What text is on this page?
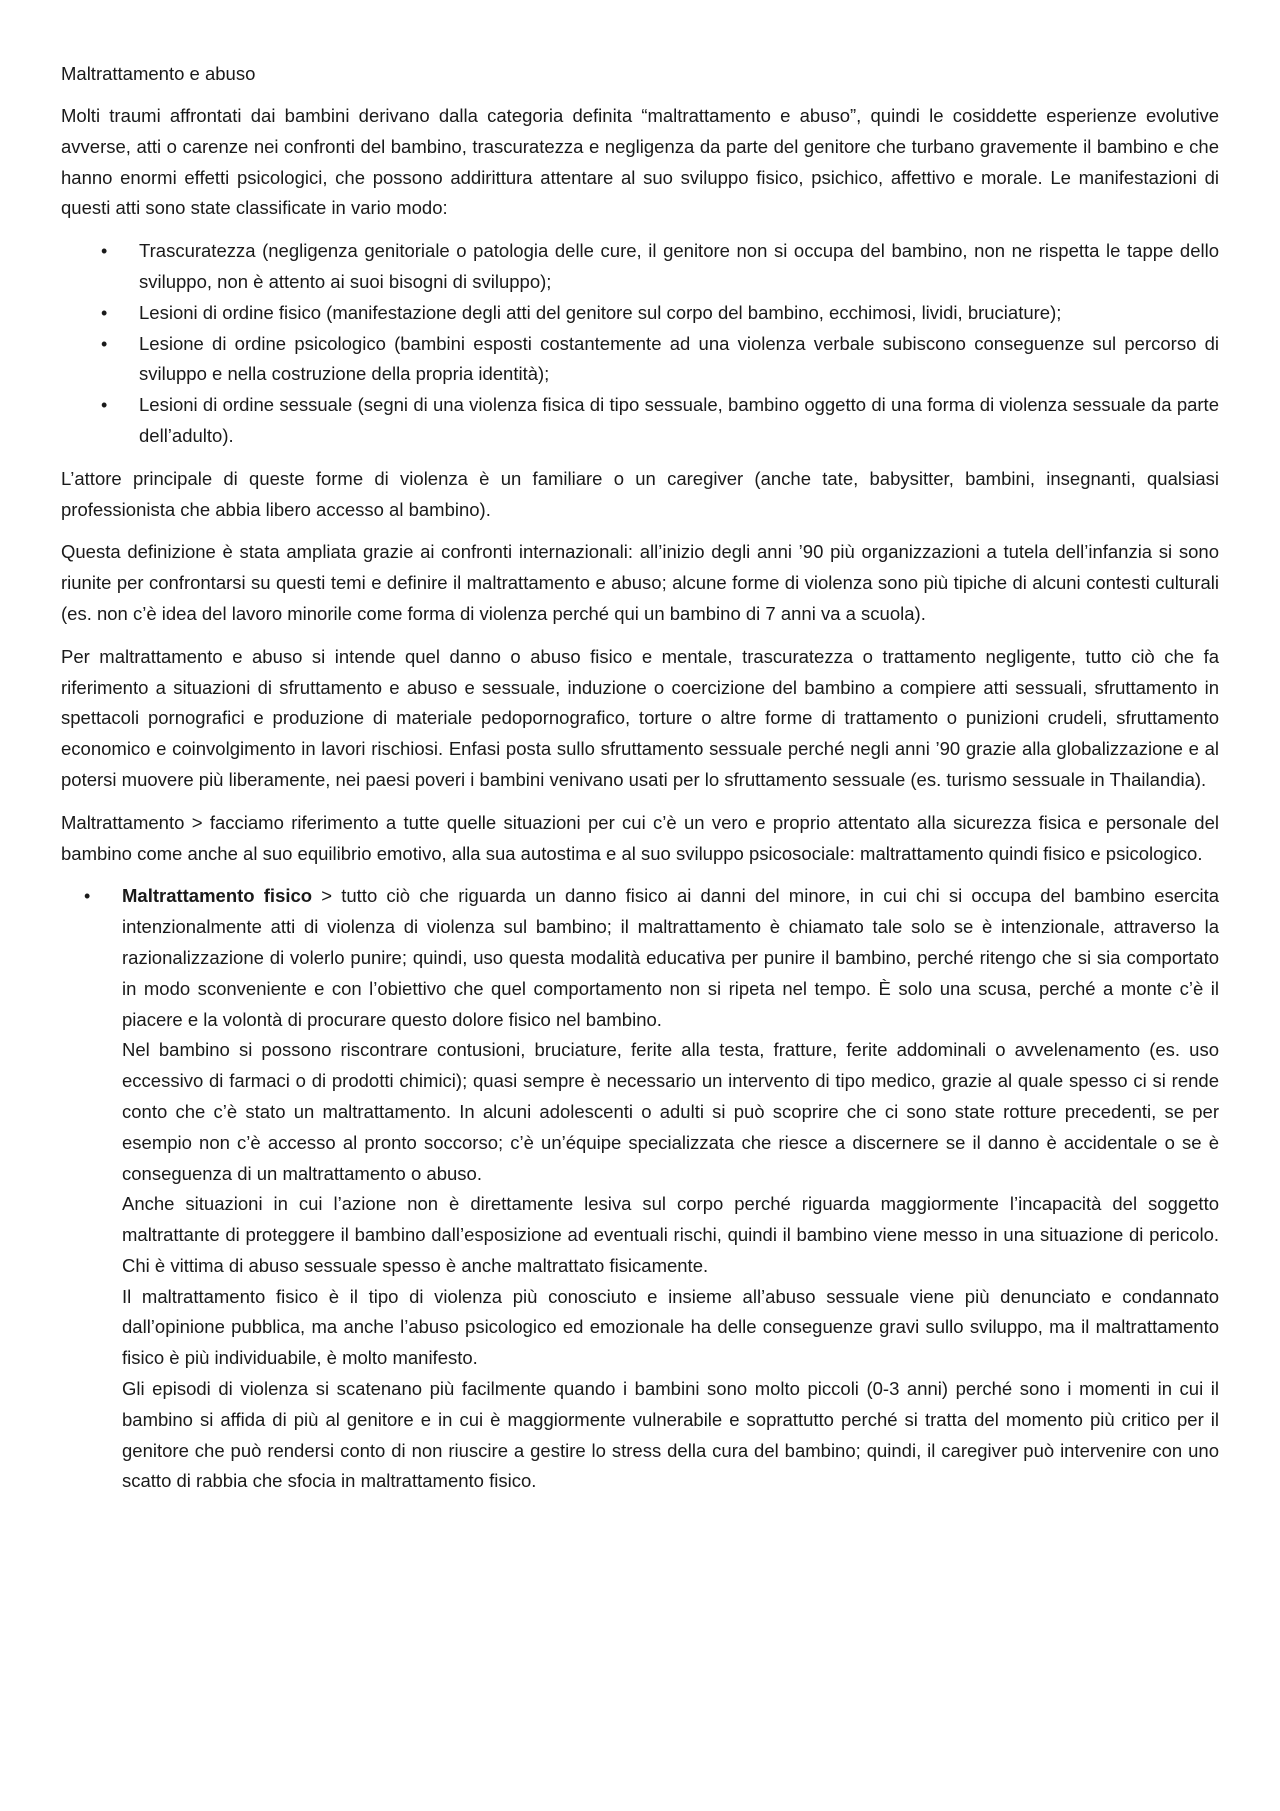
Maltrattamento e abuso

Molti traumi affrontati dai bambini derivano dalla categoria definita “maltrattamento e abuso”, quindi le cosiddette esperienze evolutive avverse, atti o carenze nei confronti del bambino, trascuratezza e negligenza da parte del genitore che turbano gravemente il bambino e che hanno enormi effetti psicologici, che possono addirittura attentare al suo sviluppo fisico, psichico, affettivo e morale. Le manifestazioni di questi atti sono state classificate in vario modo:

• Trascuratezza (negligenza genitoriale o patologia delle cure, il genitore non si occupa del bambino, non ne rispetta le tappe dello sviluppo, non è attento ai suoi bisogni di sviluppo);
• Lesioni di ordine fisico (manifestazione degli atti del genitore sul corpo del bambino, ecchimosi, lividi, bruciature);
• Lesione di ordine psicologico (bambini esposti costantemente ad una violenza verbale subiscono conseguenze sul percorso di sviluppo e nella costruzione della propria identità);
• Lesioni di ordine sessuale (segni di una violenza fisica di tipo sessuale, bambino oggetto di una forma di violenza sessuale da parte dell’adulto).

L’attore principale di queste forme di violenza è un familiare o un caregiver (anche tate, babysitter, bambini, insegnanti, qualsiasi professionista che abbia libero accesso al bambino).

Questa definizione è stata ampliata grazie ai confronti internazionali: all’inizio degli anni ’90 più organizzazioni a tutela dell’infanzia si sono riunite per confrontarsi su questi temi e definire il maltrattamento e abuso; alcune forme di violenza sono più tipiche di alcuni contesti culturali (es. non c’è idea del lavoro minorile come forma di violenza perché qui un bambino di 7 anni va a scuola).

Per maltrattamento e abuso si intende quel danno o abuso fisico e mentale, trascuratezza o trattamento negligente, tutto ciò che fa riferimento a situazioni di sfruttamento e abuso e sessuale, induzione o coercizione del bambino a compiere atti sessuali, sfruttamento in spettacoli pornografici e produzione di materiale pedopornografico, torture o altre forme di trattamento o punizioni crudeli, sfruttamento economico e coinvolgimento in lavori rischiosi. Enfasi posta sullo sfruttamento sessuale perché negli anni ’90 grazie alla globalizzazione e al potersi muovere più liberamente, nei paesi poveri i bambini venivano usati per lo sfruttamento sessuale (es. turismo sessuale in Thailandia).

Maltrattamento > facciamo riferimento a tutte quelle situazioni per cui c’è un vero e proprio attentato alla sicurezza fisica e personale del bambino come anche al suo equilibrio emotivo, alla sua autostima e al suo sviluppo psicosociale: maltrattamento quindi fisico e psicologico.

• Maltrattamento fisico > tutto ciò che riguarda un danno fisico ai danni del minore, in cui chi si occupa del bambino esercita intenzionalmente atti di violenza di violenza sul bambino; il maltrattamento è chiamato tale solo se è intenzionale, attraverso la razionalizzazione di volerlo punire; quindi, uso questa modalità educativa per punire il bambino, perché ritengo che si sia comportato in modo sconveniente e con l’obiettivo che quel comportamento non si ripeta nel tempo. È solo una scusa, perché a monte c’è il piacere e la volontà di procurare questo dolore fisico nel bambino.
Nel bambino si possono riscontrare contusioni, bruciature, ferite alla testa, fratture, ferite addominali o avvelenamento (es. uso eccessivo di farmaci o di prodotti chimici); quasi sempre è necessario un intervento di tipo medico, grazie al quale spesso ci si rende conto che c’è stato un maltrattamento. In alcuni adolescenti o adulti si può scoprire che ci sono state rotture precedenti, se per esempio non c’è accesso al pronto soccorso; c’è un’équipe specializzata che riesce a discernere se il danno è accidentale o se è conseguenza di un maltrattamento o abuso.
Anche situazioni in cui l’azione non è direttamente lesiva sul corpo perché riguarda maggiormente l’incapacità del soggetto maltrattante di proteggere il bambino dall’esposizione ad eventuali rischi, quindi il bambino viene messo in una situazione di pericolo. Chi è vittima di abuso sessuale spesso è anche maltrattato fisicamente.
Il maltrattamento fisico è il tipo di violenza più conosciuto e insieme all’abuso sessuale viene più denunciato e condannato dall’opinione pubblica, ma anche l’abuso psicologico ed emozionale ha delle conseguenze gravi sullo sviluppo, ma il maltrattamento fisico è più individuabile, è molto manifesto.
Gli episodi di violenza si scatenano più facilmente quando i bambini sono molto piccoli (0-3 anni) perché sono i momenti in cui il bambino si affida di più al genitore e in cui è maggiormente vulnerabile e soprattutto perché si tratta del momento più critico per il genitore che può rendersi conto di non riuscire a gestire lo stress della cura del bambino; quindi, il caregiver può intervenire con uno scatto di rabbia che sfocia in maltrattamento fisico.
